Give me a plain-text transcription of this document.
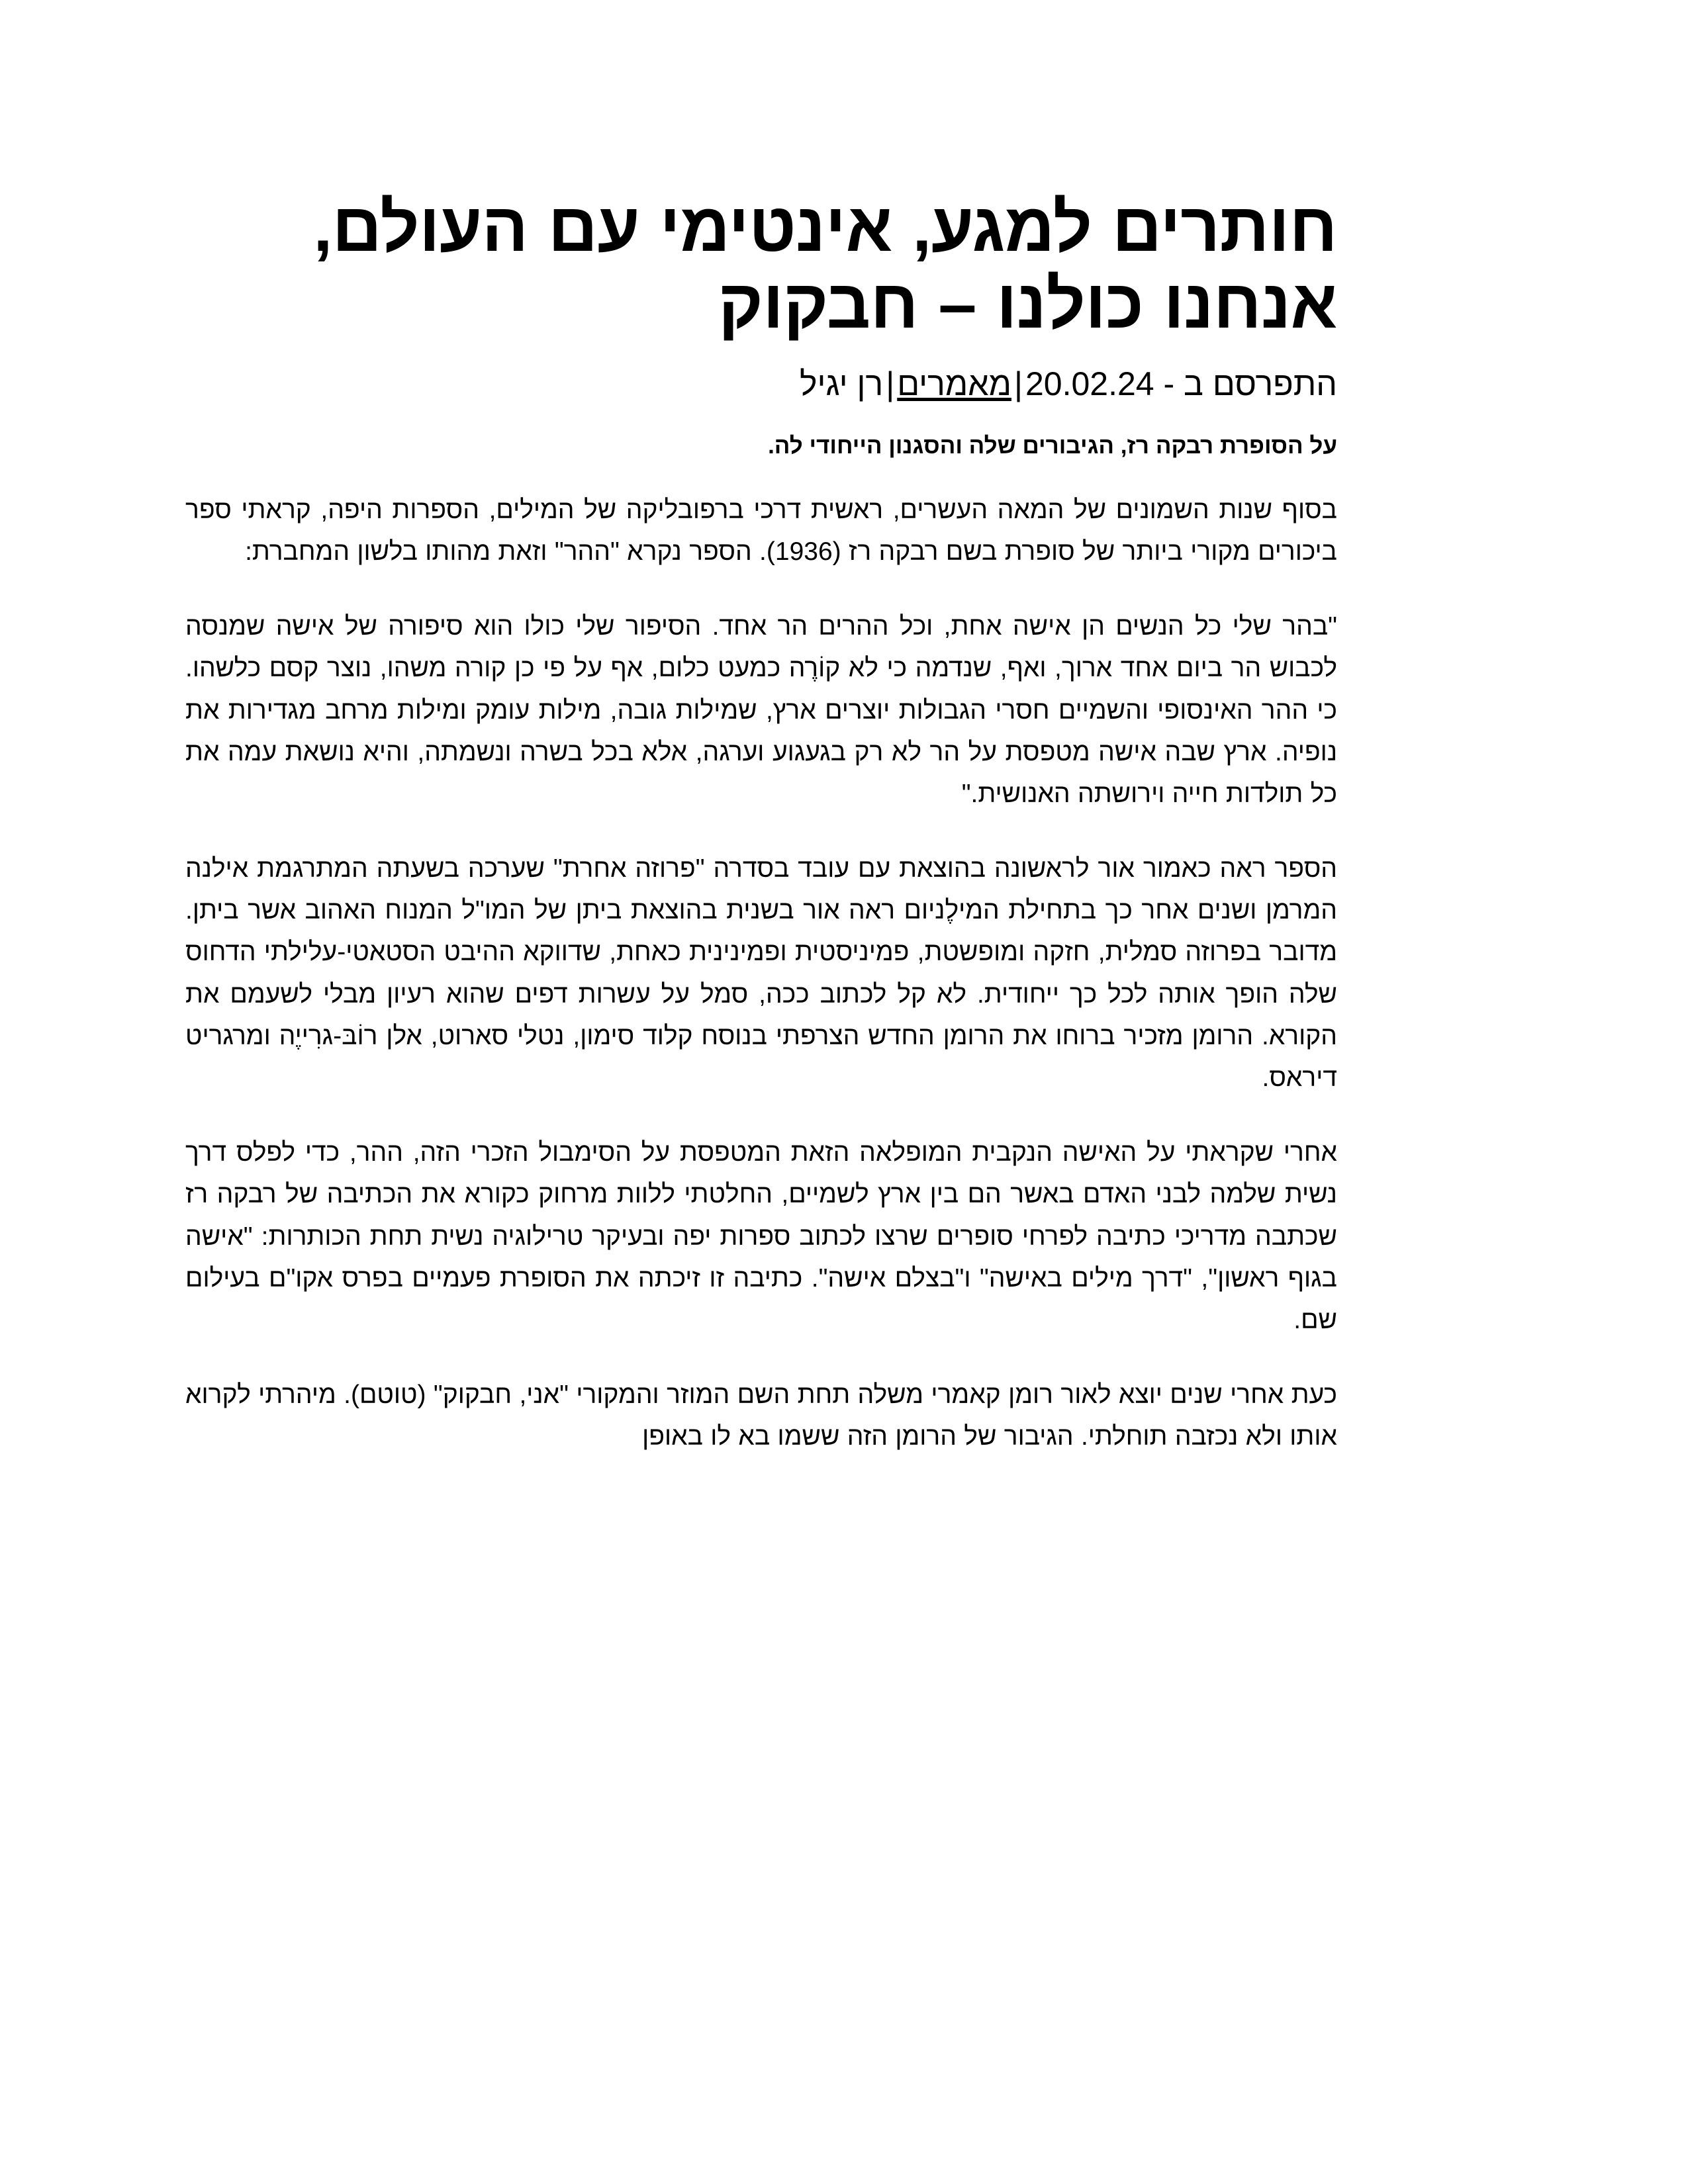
חותרים למגע, אינטימי עם העולם, אנחנו כולנו – חבקוק
התפרסם ב - 20.02.24|מאמרים|רן יגיל
על הסופרת רבקה רז, הגיבורים שלה והסגנון הייחודי לה.

בסוף שנות השמונים של המאה העשרים, ראשית דרכי ברפובליקה של המילים, הספרות היפה, קראתי ספר ביכורים מקורי ביותר של סופרת בשם רבקה רז (1936). הספר נקרא "ההר" וזאת מהותו בלשון המחברת:

"בהר שלי כל הנשים הן אישה אחת, וכל ההרים הר אחד. הסיפור שלי כולו הוא סיפורה של אישה שמנסה לכבוש הר ביום אחד ארוך, ואף, שנדמה כי לא קוֹרֶה כמעט כלום, אף על פי כן קורה משהו, נוצר קסם כלשהו. כי ההר האינסופי והשמיים חסרי הגבולות יוצרים ארץ, שמילות גובה, מילות עומק ומילות מרחב מגדירות את נופיה. ארץ שבה אישה מטפסת על הר לא רק בגעגוע וערגה, אלא בכל בשרה ונשמתה, והיא נושאת עמה את כל תולדות חייה וירושתה האנושית."

הספר ראה כאמור אור לראשונה בהוצאת עם עובד בסדרה "פרוזה אחרת" שערכה בשעתה המתרגמת אילנה המרמן ושנים אחר כך בתחילת המילֶניום ראה אור בשנית בהוצאת ביתן של המו"ל המנוח האהוב אשר ביתן. מדובר בפרוזה סמלית, חזקה ומופשטת, פמיניסטית ופמינינית כאחת, שדווקא ההיבט הסטאטי-עלילתי הדחוס שלה הופך אותה לכל כך ייחודית. לא קל לכתוב ככה, סמל על עשרות דפים שהוא רעיון מבלי לשעמם את הקורא. הרומן מזכיר ברוחו את הרומן החדש הצרפתי בנוסח קלוד סימון, נטלי סארוט, אלן רוֹבּ-גרִייֶה ומרגריט דיראס.

אחרי שקראתי על האישה הנקבית המופלאה הזאת המטפסת על הסימבול הזכרי הזה, ההר, כדי לפלס דרך נשית שלמה לבני האדם באשר הם בין ארץ לשמיים, החלטתי ללוות מרחוק כקורא את הכתיבה של רבקה רז שכתבה מדריכי כתיבה לפרחי סופרים שרצו לכתוב ספרות יפה ובעיקר טרילוגיה נשית תחת הכותרות: "אישה בגוף ראשון", "דרך מילים באישה" ו"בצלם אישה". כתיבה זו זיכתה את הסופרת פעמיים בפרס אקו"ם בעילום שם.

כעת אחרי שנים יוצא לאור רומן קאמרי משלה תחת השם המוזר והמקורי "אני, חבקוק" (טוטם). מיהרתי לקרוא אותו ולא נכזבה תוחלתי. הגיבור של הרומן הזה ששמו בא לו באופן
